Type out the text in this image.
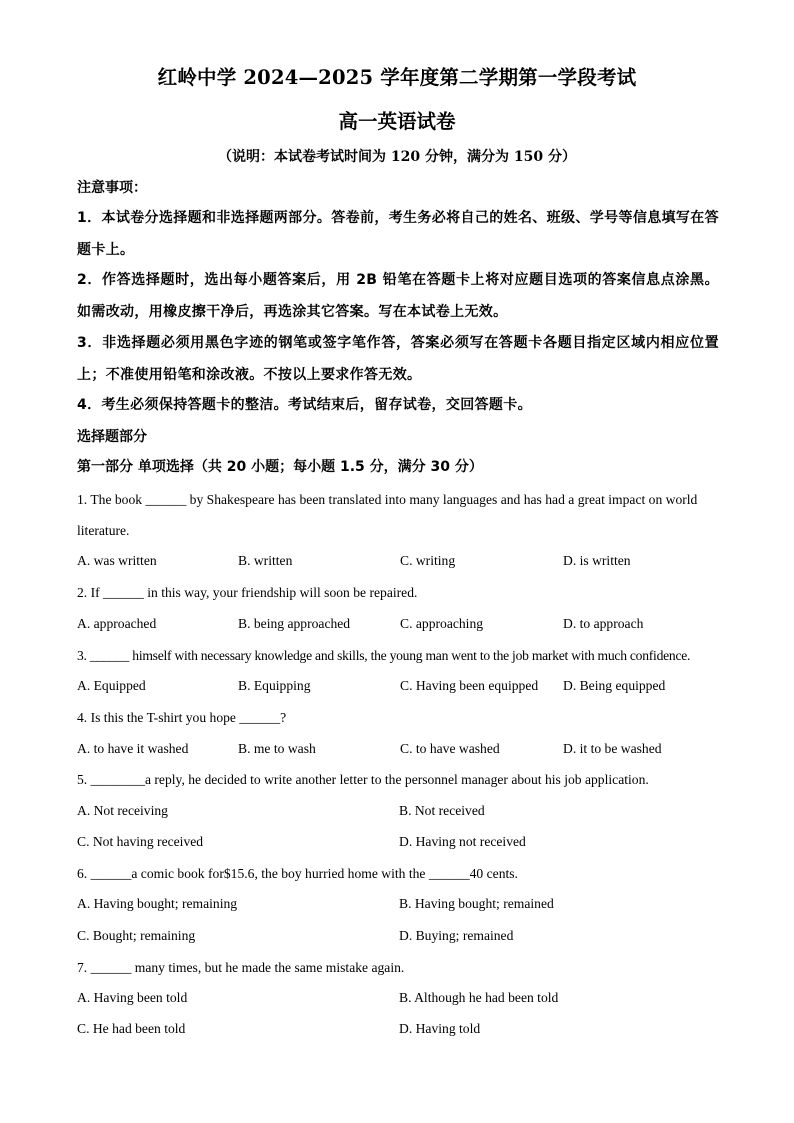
红岭中学 2024—2025 学年度第二学期第一学段考试
高一英语试卷
（说明：本试卷考试时间为 120 分钟，满分为 150 分）
注意事项：
1．本试卷分选择题和非选择题两部分。答卷前，考生务必将自己的姓名、班级、学号等信息填写在答题卡上。
2．作答选择题时，选出每小题答案后，用 2B 铅笔在答题卡上将对应题目选项的答案信息点涂黑。如需改动，用橡皮擦干净后，再选涂其它答案。写在本试卷上无效。
3．非选择题必须用黑色字迹的钢笔或签字笔作答，答案必须写在答题卡各题目指定区域内相应位置上；不准使用铅笔和涂改液。不按以上要求作答无效。
4．考生必须保持答题卡的整洁。考试结束后，留存试卷，交回答题卡。
选择题部分
第一部分 单项选择（共 20 小题；每小题 1.5 分，满分 30 分）
1. The book ______ by Shakespeare has been translated into many languages and has had a great impact on world literature.
A. was written	B. written	C. writing	D. is written
2. If ______ in this way, your friendship will soon be repaired.
A. approached	B. being approached	C. approaching	D. to approach
3. ______ himself with necessary knowledge and skills, the young man went to the job market with much confidence.
A. Equipped	B. Equipping	C. Having been equipped D. Being equipped
4. Is this the T-shirt you hope ______?
A. to have it washed	B. me to wash	C. to have washed	D. it to be washed
5. ________a reply, he decided to write another letter to the personnel manager about his job application.
A. Not receiving	B. Not received
C. Not having received	D. Having not received
6. ______a comic book for$15.6, the boy hurried home with the ______40 cents.
A. Having bought; remaining	B. Having bought; remained
C. Bought; remaining	D. Buying; remained
7. ______ many times, but he made the same mistake again.
A. Having been told	B. Although he had been told
C. He had been told	D. Having told
